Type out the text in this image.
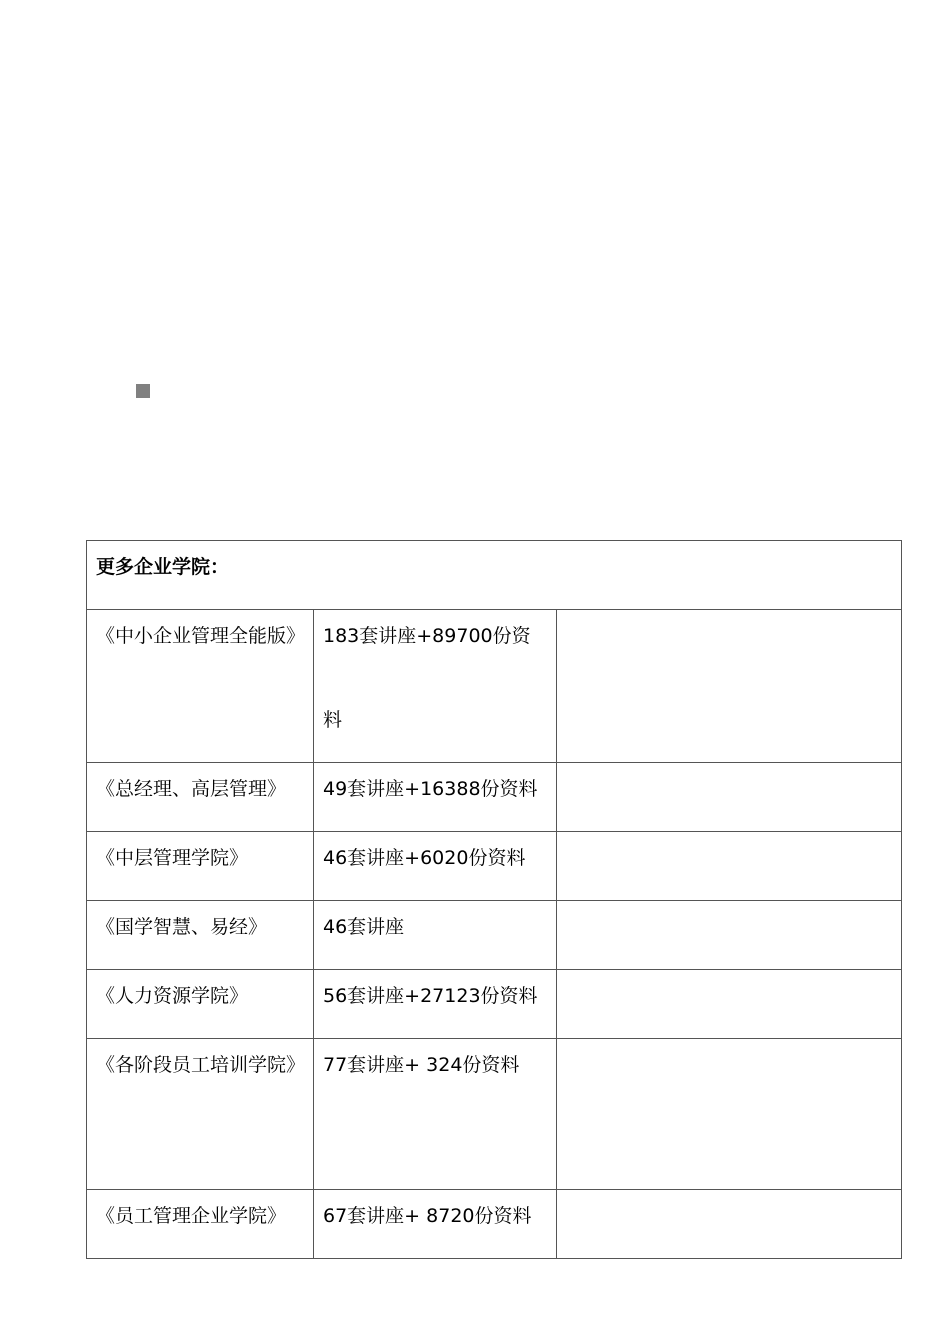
更多企业学院：		

《中小企业管理全能版》	183套讲座+89700份资料	

《总经理、高层管理》	49套讲座+16388份资料	

《中层管理学院》	46套讲座+6020份资料	

《国学智慧、易经》	46套讲座	

《人力资源学院》	56套讲座+27123份资料	

《各阶段员工培训学院》	77套讲座+ 324份资料	

《员工管理企业学院》	67套讲座+ 8720份资料	
